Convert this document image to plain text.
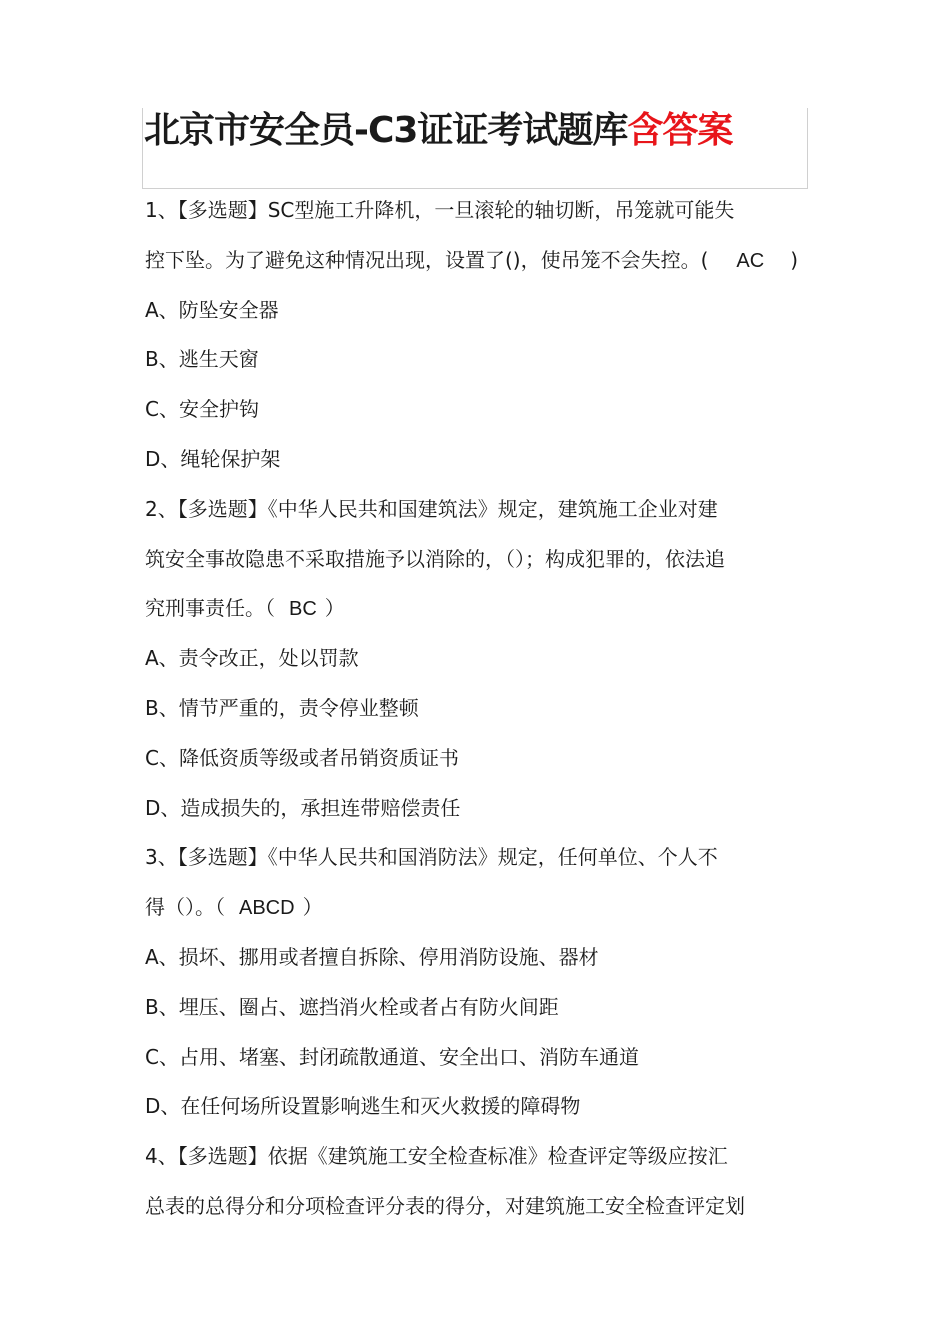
北京市安全员-C3证证考试题库含答案
1、【多选题】SC型施工升降机，一旦滚轮的轴切断，吊笼就可能失
控下坠。为了避免这种情况出现，设置了()，使吊笼不会失控。( AC )
A、防坠安全器
B、逃生天窗
C、安全护钩
D、绳轮保护架
2、【多选题】《中华人民共和国建筑法》规定，建筑施工企业对建
筑安全事故隐患不采取措施予以消除的，（）；构成犯罪的，依法追
究刑事责任。（ BC ）
A、责令改正，处以罚款
B、情节严重的，责令停业整顿
C、降低资质等级或者吊销资质证书
D、造成损失的，承担连带赔偿责任
3、【多选题】《中华人民共和国消防法》规定，任何单位、个人不
得（）。（ ABCD ）
A、损坏、挪用或者擅自拆除、停用消防设施、器材
B、埋压、圈占、遮挡消火栓或者占有防火间距
C、占用、堵塞、封闭疏散通道、安全出口、消防车通道
D、在任何场所设置影响逃生和灭火救援的障碍物
4、【多选题】依据《建筑施工安全检查标准》检查评定等级应按汇
总表的总得分和分项检查评分表的得分，对建筑施工安全检查评定划
